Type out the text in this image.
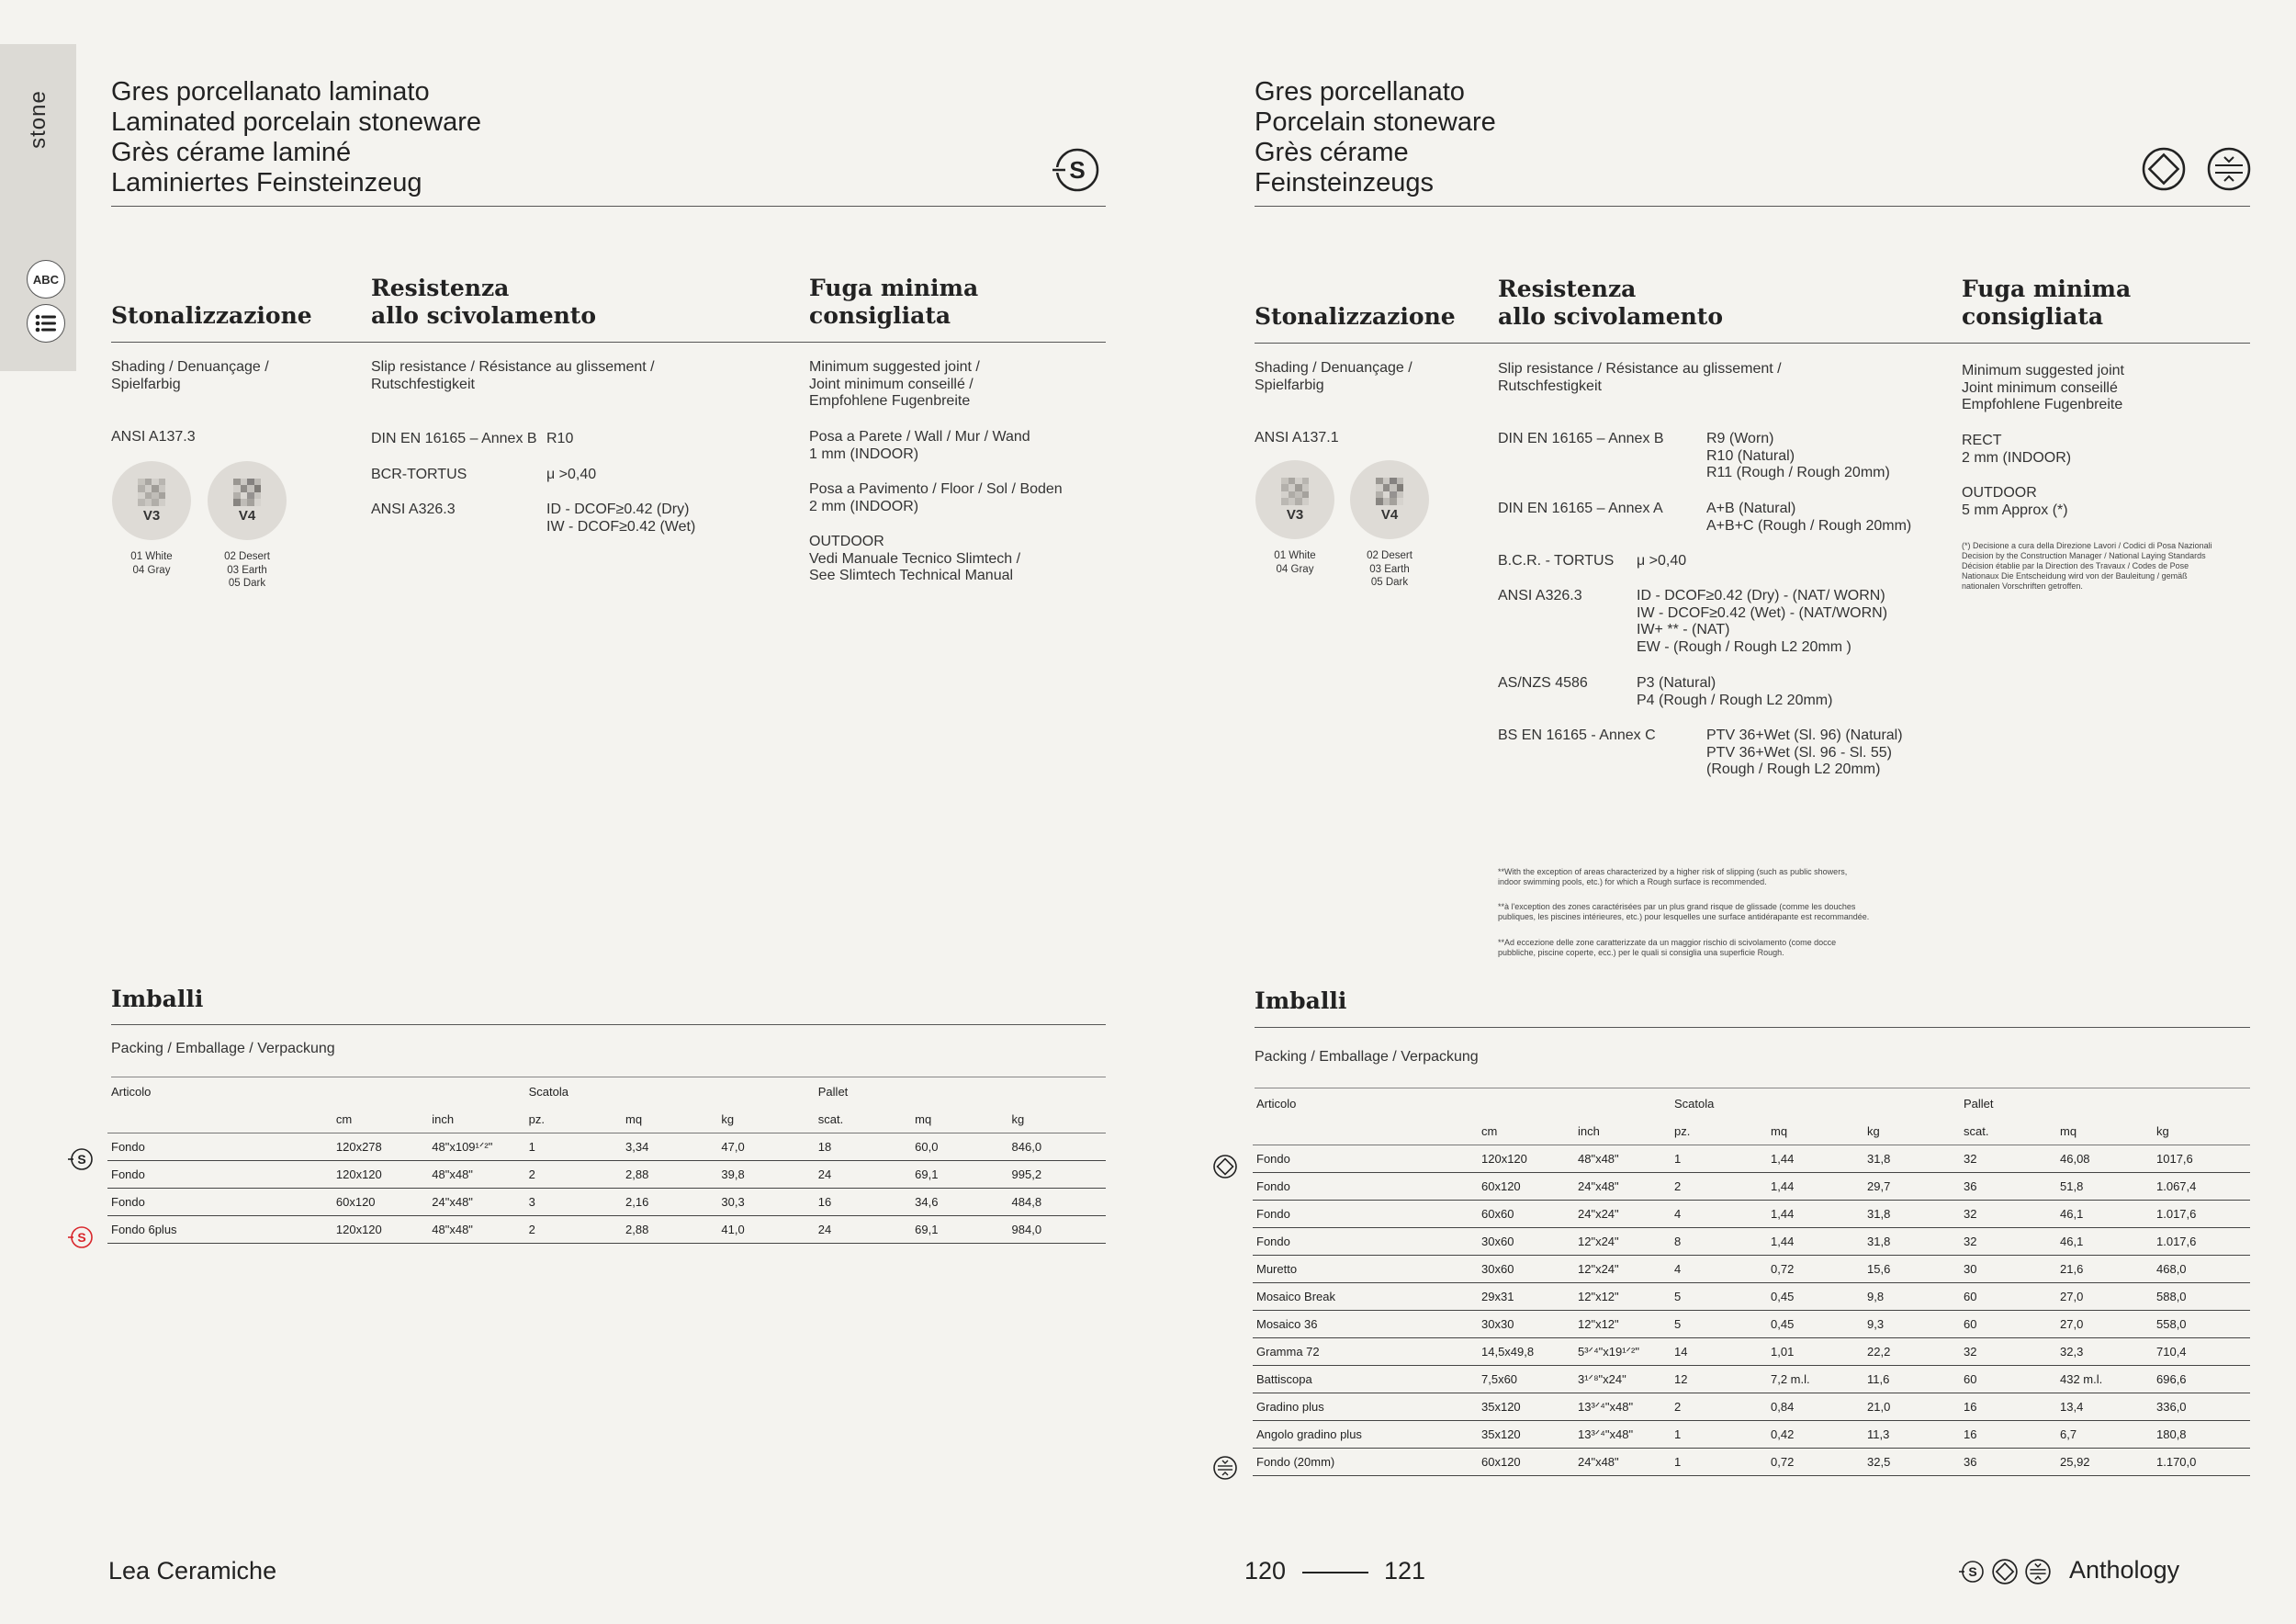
stone
ABC
Gres porcellanato laminato
Laminated porcelain stoneware
Grès cérame laminé
Laminiertes Feinsteinzeug	S
Stonalizzazione
Resistenza
allo scivolamento
Fuga minima
consigliata
Shading / Denuançage / Spielfarbig
ANSI A137.3
V3	V4
01 White
04 Gray
02 Desert
03 Earth
05 Dark
Slip resistance / Résistance au glissement / Rutschfestigkeit
DIN EN 16165 – Annex B R10
BCR-TORTUS	μ >0,40
ANSI A326.3	ID - DCOF≥0.42 (Dry)
IW - DCOF≥0.42 (Wet)
Minimum suggested joint /
Joint minimum conseillé /
Empfohlene Fugenbreite
Posa a Parete / Wall / Mur / Wand
1 mm (INDOOR)
Posa a Pavimento / Floor / Sol / Boden
2 mm (INDOOR)
OUTDOOR
Vedi Manuale Tecnico Slimtech /
See Slimtech Technical Manual
Imballi
Packing / Emballage / Verpackung
Articolo			Scatola			Pallet		
	cm	inch	pz.	mq	kg	scat.	mq	kg
Fondo	120x278	48"x109¹ᐟ²"	1	3,34	47,0	18	60,0	846,0
Fondo	120x120	48"x48"	2	2,88	39,8	24	69,1	995,2
Fondo	60x120	24"x48"	3	2,16	30,3	16	34,6	484,8
Fondo 6plus	120x120	48"x48"	2	2,88	41,0	24	69,1	984,0
S
S
Gres porcellanato
Porcelain stoneware
Grès cérame
Feinsteinzeugs
Stonalizzazione
Resistenza
allo scivolamento
Fuga minima
consigliata
Shading / Denuançage / Spielfarbig
ANSI A137.1
V3	V4
01 White
04 Gray
02 Desert
03 Earth
05 Dark
Slip resistance / Résistance au glissement / Rutschfestigkeit
DIN EN 16165 – Annex B	R9 (Worn)
R10 (Natural)
R11 (Rough / Rough 20mm)
DIN EN 16165 – Annex A	A+B (Natural)
A+B+C (Rough / Rough 20mm)
B.C.R. - TORTUS μ >0,40
ANSI A326.3	ID - DCOF≥0.42 (Dry) - (NAT/ WORN)
IW - DCOF≥0.42 (Wet) - (NAT/WORN)
IW+ ** - (NAT)
EW - (Rough / Rough L2 20mm )
AS/NZS 4586	P3 (Natural)
P4 (Rough / Rough L2 20mm)
BS EN 16165 - Annex C	PTV 36+Wet (Sl. 96) (Natural)
PTV 36+Wet (Sl. 96 - Sl. 55)
(Rough / Rough L2 20mm)
**With the exception of areas characterized by a higher risk of slipping (such as public showers,
indoor swimming pools, etc.) for which a Rough surface is recommended.
**à l'exception des zones caractérisées par un plus grand risque de glissade (comme les douches
publiques, les piscines intérieures, etc.) pour lesquelles une surface antidérapante est recommandée.
**Ad eccezione delle zone caratterizzate da un maggior rischio di scivolamento (come docce
pubbliche, piscine coperte, ecc.) per le quali si consiglia una superficie Rough.
Minimum suggested joint
Joint minimum conseillé
Empfohlene Fugenbreite
RECT
2 mm (INDOOR)
OUTDOOR
5 mm Approx (*)
(*) Decisione a cura della Direzione Lavori / Codici di Posa Nazionali
Decision by the Construction Manager / National Laying Standards
Décision établie par la Direction des Travaux / Codes de Pose
Nationaux Die Entscheidung wird von der Bauleitung / gemäß
nationalen Vorschriften getroffen.
Imballi
Packing / Emballage / Verpackung
Articolo			Scatola			Pallet		
	cm	inch	pz.	mq	kg	scat.	mq	kg
Fondo	120x120	48"x48"	1	1,44	31,8	32	46,08	1017,6
Fondo	60x120	24"x48"	2	1,44	29,7	36	51,8	1.067,4
Fondo	60x60	24"x24"	4	1,44	31,8	32	46,1	1.017,6
Fondo	30x60	12"x24"	8	1,44	31,8	32	46,1	1.017,6
Muretto	30x60	12"x24"	4	0,72	15,6	30	21,6	468,0
Mosaico Break	29x31	12"x12"	5	0,45	9,8	60	27,0	588,0
Mosaico 36	30x30	12"x12"	5	0,45	9,3	60	27,0	558,0
Gramma 72	14,5x49,8	5³ᐟ⁴"x19¹ᐟ²"	14	1,01	22,2	32	32,3	710,4
Battiscopa	7,5x60	3¹ᐟ⁸"x24"	12	7,2 m.l.	11,6	60	432 m.l.	696,6
Gradino plus	35x120	13³ᐟ⁴"x48"	2	0,84	21,0	16	13,4	336,0
Angolo gradino plus	35x120	13³ᐟ⁴"x48"	1	0,42	11,3	16	6,7	180,8
Fondo (20mm)	60x120	24"x48"	1	0,72	32,5	36	25,92	1.170,0
Lea Ceramiche	120	121	S	Anthology
